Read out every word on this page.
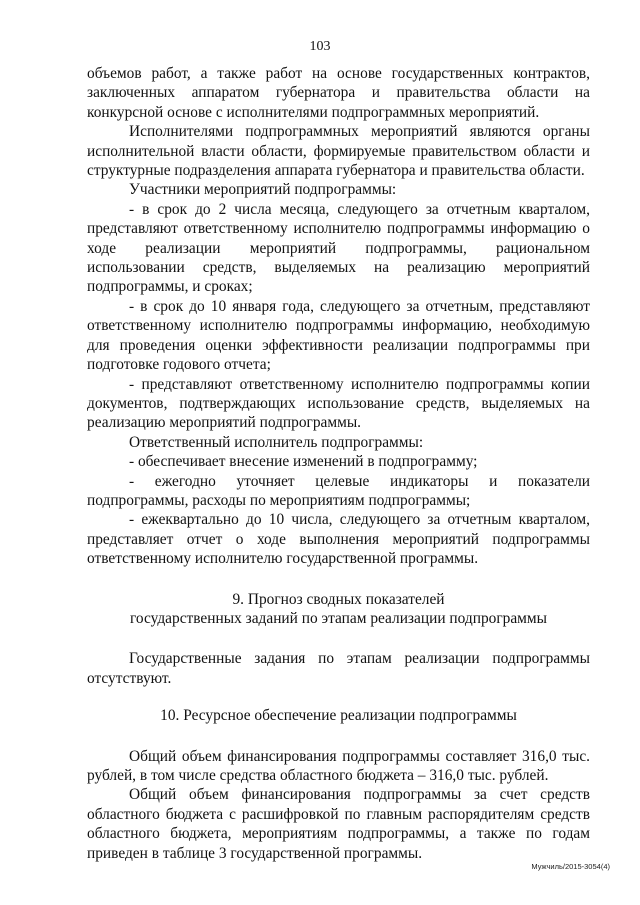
103

объемов работ, а также работ на основе государственных контрактов, заключенных аппаратом губернатора и правительства области на конкурсной основе с исполнителями подпрограммных мероприятий.

Исполнителями подпрограммных мероприятий являются органы исполнительной власти области, формируемые правительством области и структурные подразделения аппарата губернатора и правительства области.

Участники мероприятий подпрограммы:

- в срок до 2 числа месяца, следующего за отчетным кварталом, представляют ответственному исполнителю подпрограммы информацию о ходе реализации мероприятий подпрограммы, рациональном использовании средств, выделяемых на реализацию мероприятий подпрограммы, и сроках;

- в срок до 10 января года, следующего за отчетным, представляют ответственному исполнителю подпрограммы информацию, необходимую для проведения оценки эффективности реализации подпрограммы при подготовке годового отчета;

- представляют ответственному исполнителю подпрограммы копии документов, подтверждающих использование средств, выделяемых на реализацию мероприятий подпрограммы.

Ответственный исполнитель подпрограммы:

- обеспечивает внесение изменений в подпрограмму;

- ежегодно уточняет целевые индикаторы и показатели подпрограммы, расходы по мероприятиям подпрограммы;

- ежеквартально до 10 числа, следующего за отчетным кварталом, представляет отчет о ходе выполнения мероприятий подпрограммы ответственному исполнителю государственной программы.

9. Прогноз сводных показателей

государственных заданий по этапам реализации подпрограммы

Государственные задания по этапам реализации подпрограммы отсутствуют.

10. Ресурсное обеспечение реализации подпрограммы

Общий объем финансирования подпрограммы составляет 316,0 тыс. рублей, в том числе средства областного бюджета – 316,0 тыс. рублей.

Общий объем финансирования подпрограммы за счет средств областного бюджета с расшифровкой по главным распорядителям средств областного бюджета, мероприятиям подпрограммы, а также по годам приведен в таблице 3 государственной программы.

Мужчиль/2015-3054(4)
